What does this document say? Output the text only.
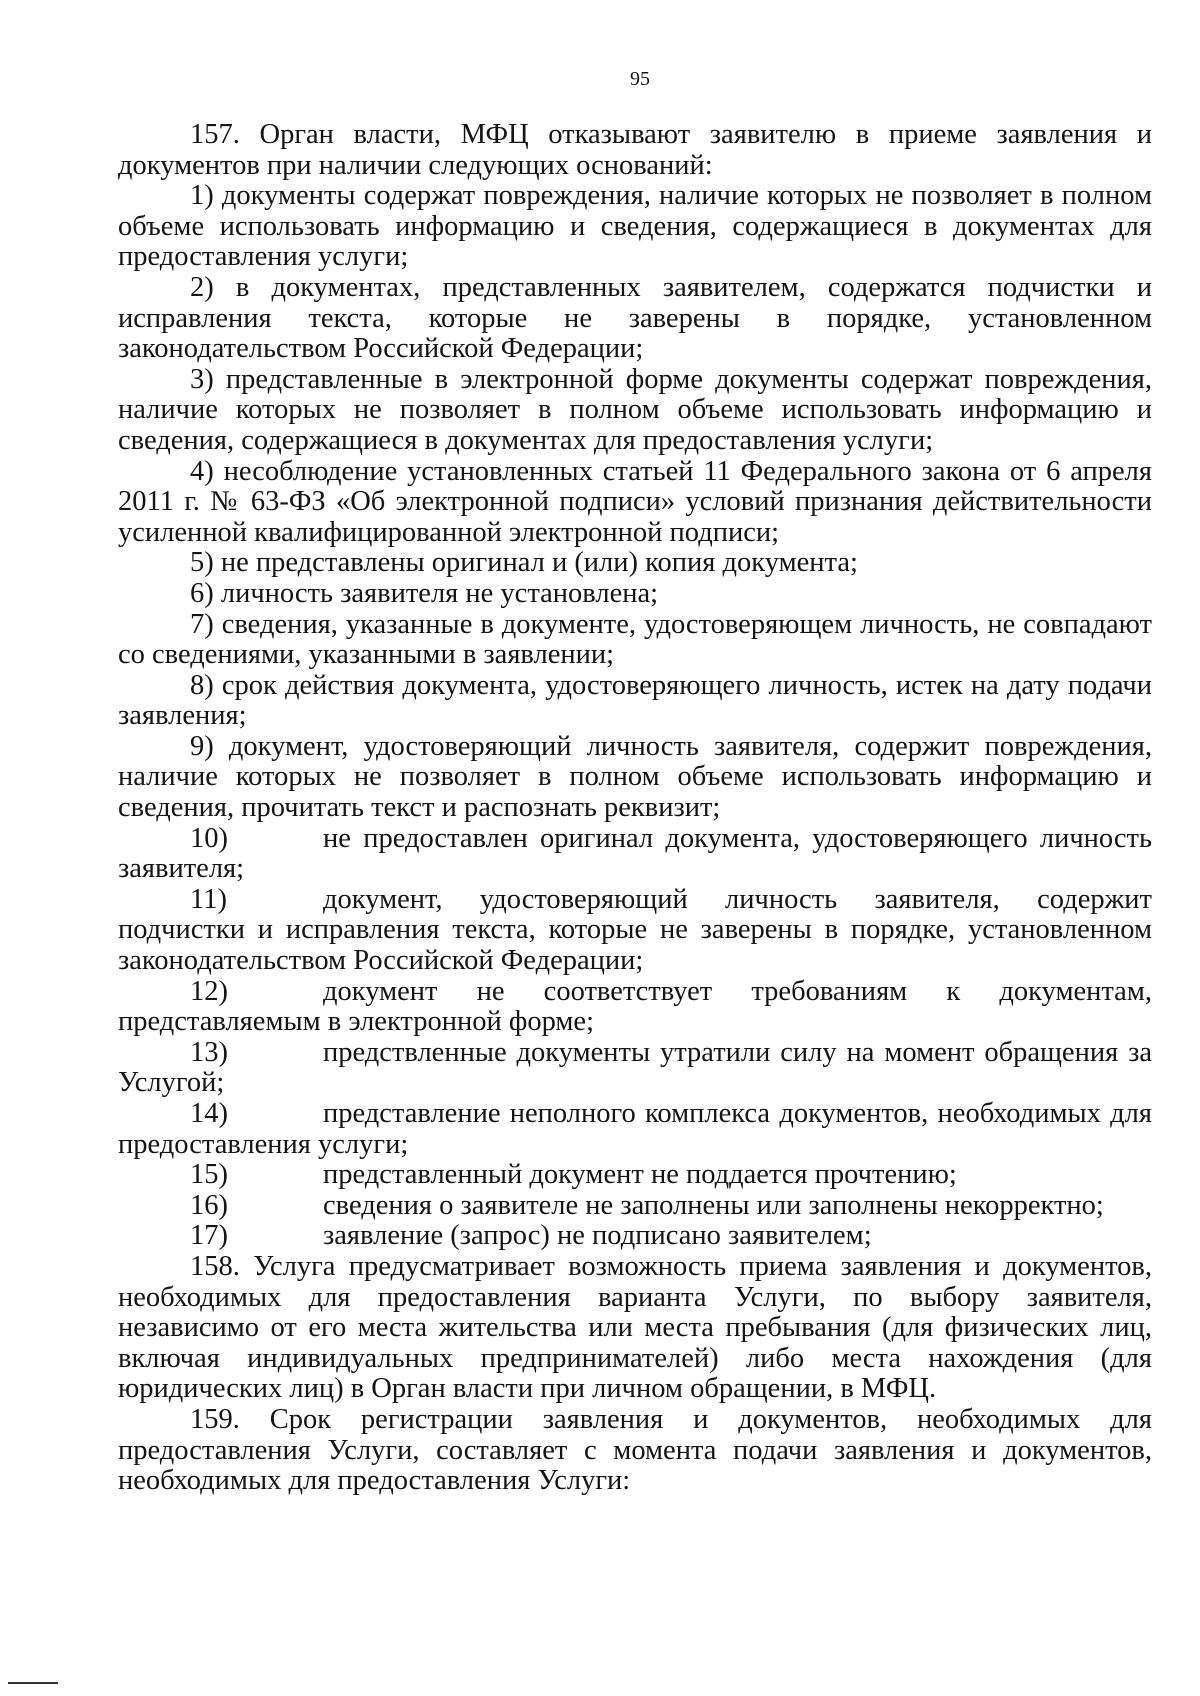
95

157. Орган власти, МФЦ отказывают заявителю в приеме заявления и документов при наличии следующих оснований:

1) документы содержат повреждения, наличие которых не позволяет в полном объеме использовать информацию и сведения, содержащиеся в документах для предоставления услуги;

2) в документах, представленных заявителем, содержатся подчистки и исправления текста, которые не заверены в порядке, установленном законодательством Российской Федерации;

3) представленные в электронной форме документы содержат повреждения, наличие которых не позволяет в полном объеме использовать информацию и сведения, содержащиеся в документах для предоставления услуги;

4) несоблюдение установленных статьей 11 Федерального закона от 6 апреля 2011 г. № 63-ФЗ «Об электронной подписи» условий признания действительности усиленной квалифицированной электронной подписи;

5) не представлены оригинал и (или) копия документа;

6) личность заявителя не установлена;

7) сведения, указанные в документе, удостоверяющем личность, не совпадают со сведениями, указанными в заявлении;

8) срок действия документа, удостоверяющего личность, истек на дату подачи заявления;

9) документ, удостоверяющий личность заявителя, содержит повреждения, наличие которых не позволяет в полном объеме использовать информацию и сведения, прочитать текст и распознать реквизит;

10)	не предоставлен оригинал документа, удостоверяющего личность заявителя;

11)	документ, удостоверяющий личность заявителя, содержит подчистки и исправления текста, которые не заверены в порядке, установленном законодательством Российской Федерации;

12)	документ не соответствует требованиям к документам, представляемым в электронной форме;

13)	предствленные документы утратили силу на момент обращения за Услугой;

14)	представление неполного комплекса документов, необходимых для предоставления услуги;

15)	представленный документ не поддается прочтению;

16)	сведения о заявителе не заполнены или заполнены некорректно;

17)	заявление (запрос) не подписано заявителем;

158. Услуга предусматривает возможность приема заявления и документов, необходимых для предоставления варианта Услуги, по выбору заявителя, независимо от его места жительства или места пребывания (для физических лиц, включая индивидуальных предпринимателей) либо места нахождения (для юридических лиц) в Орган власти при личном обращении, в МФЦ.

159. Срок регистрации заявления и документов, необходимых для предоставления Услуги, составляет с момента подачи заявления и документов, необходимых для предоставления Услуги:
